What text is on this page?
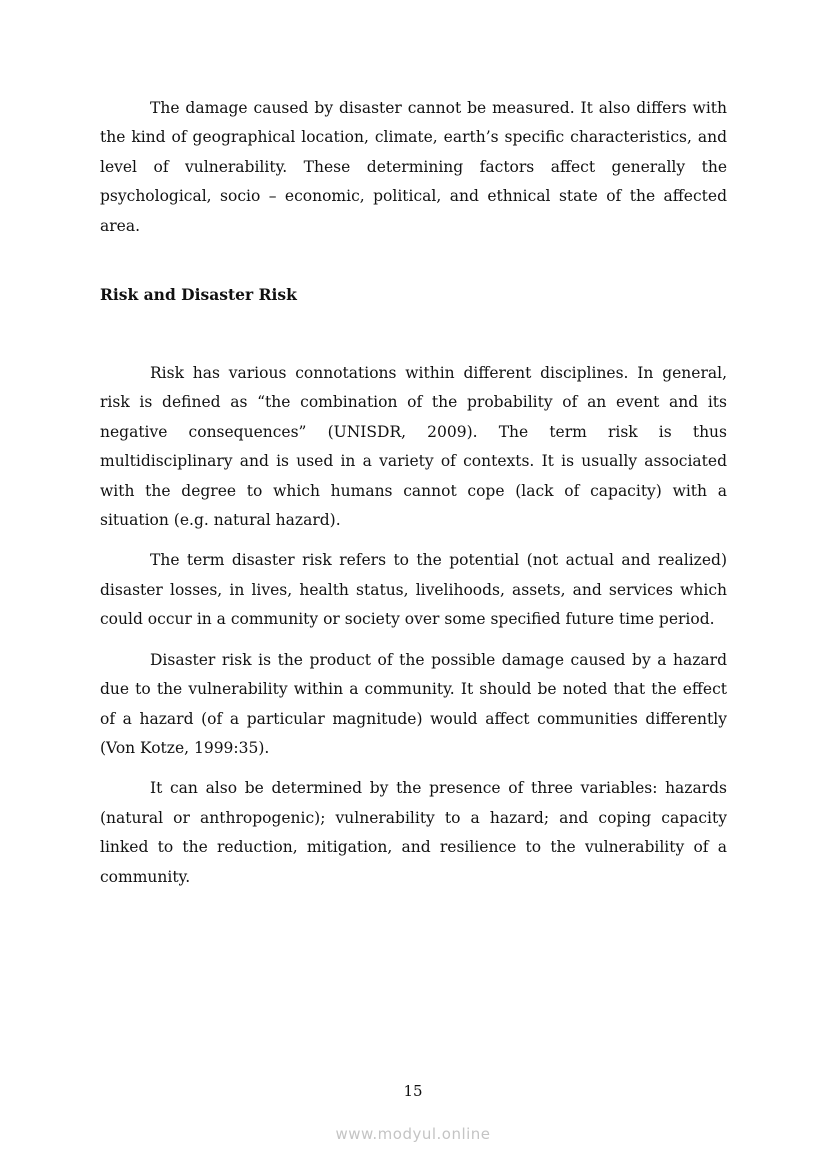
The damage caused by disaster cannot be measured. It also differs with the kind of geographical location, climate, earth’s specific characteristics, and level of vulnerability. These determining factors affect generally the psychological, socio – economic, political, and ethnical state of the affected area.

Risk and Disaster Risk

Risk has various connotations within different disciplines. In general, risk is defined as “the combination of the probability of an event and its negative consequences” (UNISDR, 2009). The term risk is thus multidisciplinary and is used in a variety of contexts. It is usually associated with the degree to which humans cannot cope (lack of capacity) with a situation (e.g. natural hazard).

The term disaster risk refers to the potential (not actual and realized) disaster losses, in lives, health status, livelihoods, assets, and services which could occur in a community or society over some specified future time period.

Disaster risk is the product of the possible damage caused by a hazard due to the vulnerability within a community. It should be noted that the effect of a hazard (of a particular magnitude) would affect communities differently (Von Kotze, 1999:35).

It can also be determined by the presence of three variables: hazards (natural or anthropogenic); vulnerability to a hazard; and coping capacity linked to the reduction, mitigation, and resilience to the vulnerability of a community.

15
www.modyul.online
